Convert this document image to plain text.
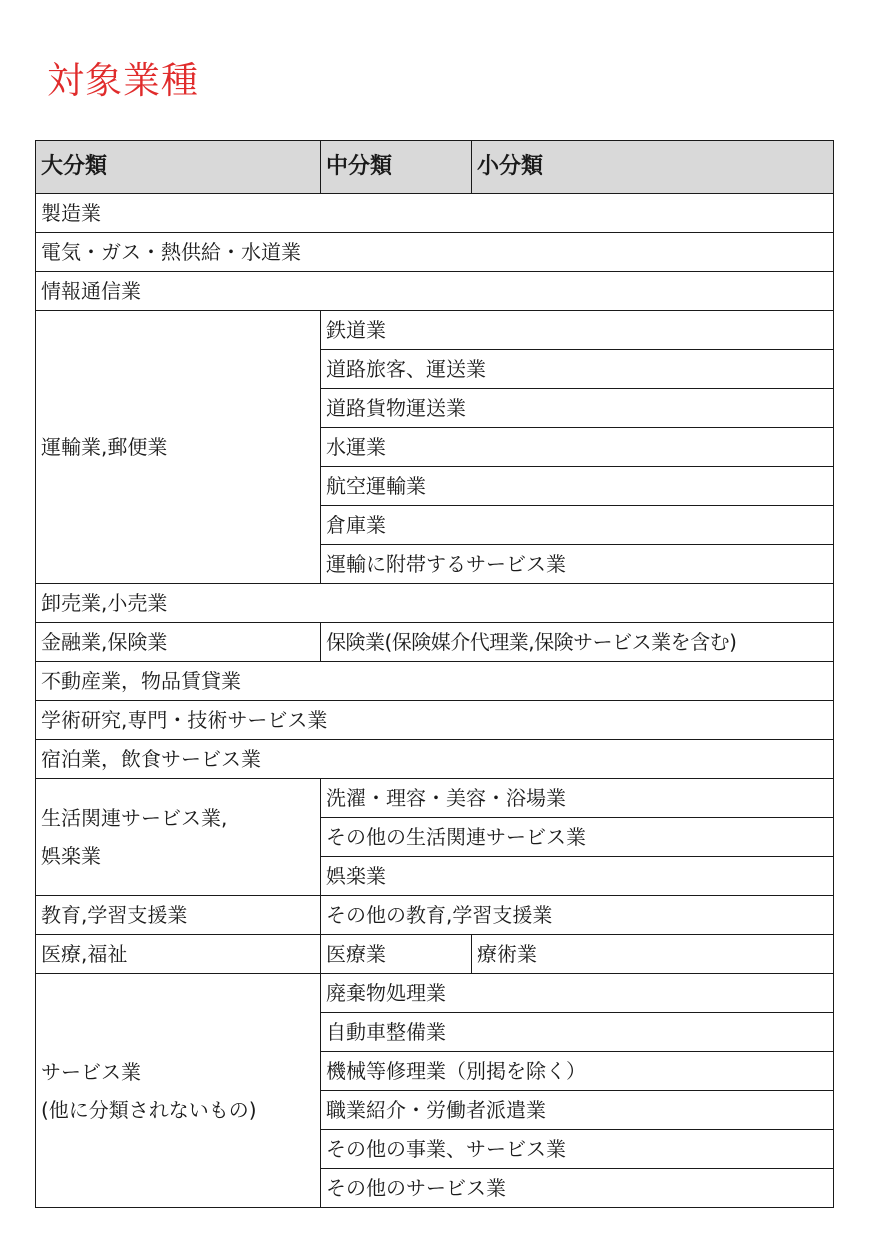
対象業種
大分類	中分類	小分類
製造業		
電気・ガス・熱供給・水道業		
情報通信業		
運輸業,郵便業	鉄道業	
	道路旅客、運送業	
	道路貨物運送業	
	水運業	
	航空運輸業	
	倉庫業	
	運輸に附帯するサービス業	
卸売業,小売業		
金融業,保険業	保険業(保険媒介代理業,保険サービス業を含む)	
不動産業，物品賃貸業		
学術研究,専門・技術サービス業		
宿泊業，飲食サービス業		

生活関連サービス業,
娯楽業	洗濯・理容・美容・浴場業	
	その他の生活関連サービス業	
	娯楽業	
教育,学習支援業	その他の教育,学習支援業	
医療,福祉	医療業	療術業

サービス業
(他に分類されないもの)	廃棄物処理業	
	自動車整備業	
	機械等修理業（別掲を除く）	
	職業紹介・労働者派遣業	
	その他の事業、サービス業	
	その他のサービス業	
